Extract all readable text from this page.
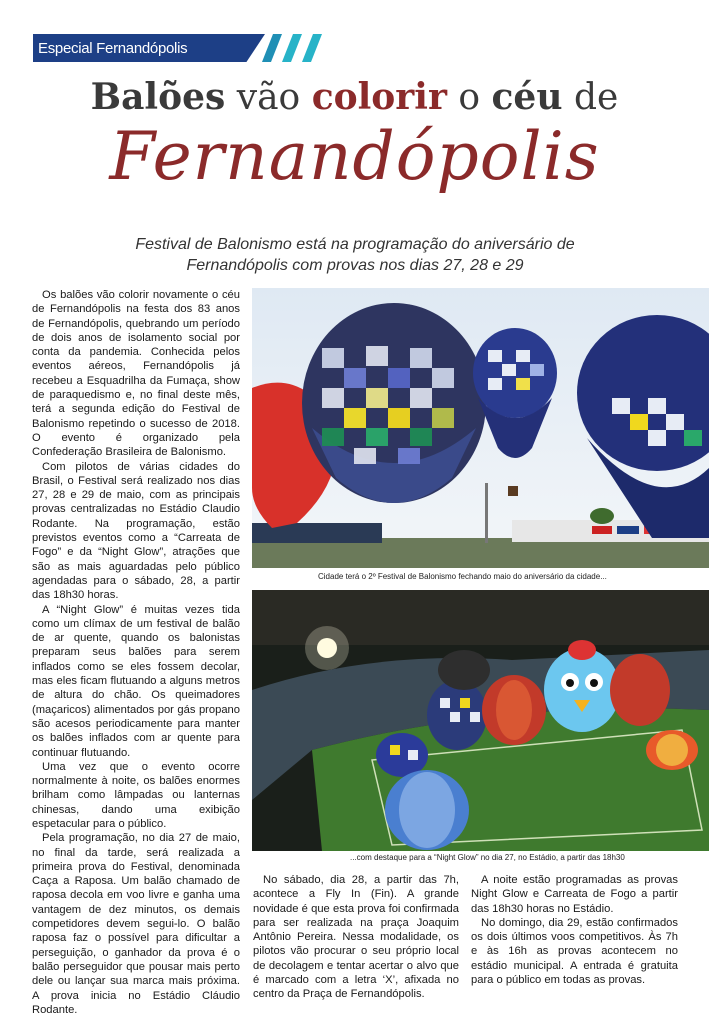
Especial Fernandópolis
Balões vão colorir o céu de
Fernandópolis
Festival de Balonismo está na programação do aniversário de
Fernandópolis com provas nos dias 27, 28 e 29

Os balões vão colorir novamente o céu de Fernandópolis na festa dos 83 anos de Fernandópolis, quebrando um período de dois anos de isolamento social por conta da pandemia. Conhecida pelos eventos aéreos, Fernandópolis já recebeu a Esquadrilha da Fumaça, show de paraquedismo e, no final deste mês, terá a segunda edição do Festival de Balonismo repetindo o sucesso de 2018. O evento é organizado pela Confederação Brasileira de Balonismo.

Com pilotos de várias cidades do Brasil, o Festival será realizado nos dias 27, 28 e 29 de maio, com as principais provas centralizadas no Estádio Claudio Rodante. Na programação, estão previstos eventos como a “Carreata de Fogo” e da “Night Glow”, atrações que são as mais aguardadas pelo público agendadas para o sábado, 28, a partir das 18h30 horas.

A “Night Glow” é muitas vezes tida como um clímax de um festival de balão de ar quente, quando os balonistas preparam seus balões para serem inflados como se eles fossem decolar, mas eles ficam flutuando a alguns metros de altura do chão. Os queimadores (maçaricos) alimentados por gás propano são acesos periodicamente para manter os balões inflados com ar quente para continuar flutuando.

Uma vez que o evento ocorre normalmente à noite, os balões enormes brilham como lâmpadas ou lanternas chinesas, dando uma exibição espetacular para o público.

Pela programação, no dia 27 de maio, no final da tarde, será realizada a primeira prova do Festival, denominada Caça a Raposa. Um balão chamado de raposa decola em voo livre e ganha uma vantagem de dez minutos, os demais competidores devem segui-lo. O balão raposa faz o possível para dificultar a perseguição, o ganhador da prova é o balão perseguidor que pousar mais perto dele ou lançar sua marca mais próxima. A prova inicia no Estádio Cláudio Rodante.

Cidade terá o 2º Festival de Balonismo fechando maio do aniversário da cidade...
...com destaque para a “Night Glow” no dia 27, no Estádio, a partir das 18h30

No sábado, dia 28, a partir das 7h, acontece a Fly In (Fin). A grande novidade é que esta prova foi confirmada para ser realizada na praça Joaquim Antônio Pereira. Nessa modalidade, os pilotos vão procurar o seu próprio local de decolagem e tentar acertar o alvo que é marcado com a letra ‘X’, afixada no centro da Praça de Fernandópolis.

A noite estão programadas as provas Night Glow e Carreata de Fogo a partir das 18h30 horas no Estádio.

No domingo, dia 29, estão confirmados os dois últimos voos competitivos. Às 7h e às 16h as provas acontecem no estádio municipal. A entrada é gratuita para o público em todas as provas.
